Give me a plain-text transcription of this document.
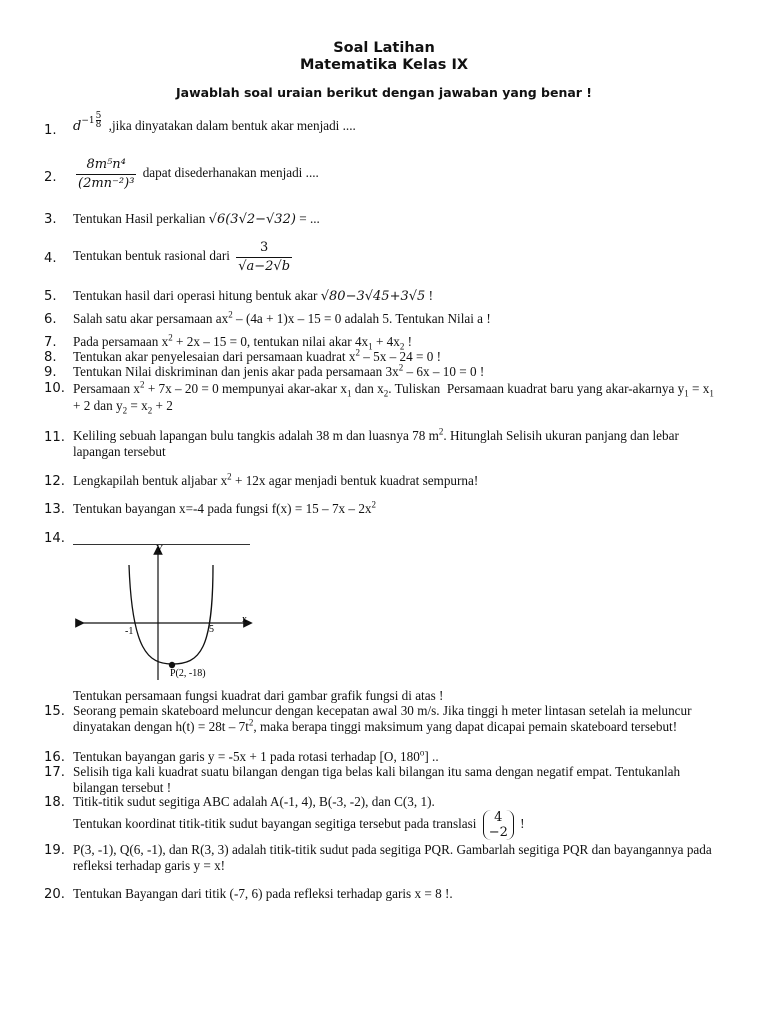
Soal Latihan
Matematika Kelas IX
Jawablah soal uraian berikut dengan jawaban yang benar !
1.	$d-1 \frac{5}{8}$ ,jika dinyatakan dalam bentuk akar menjadi ....
2.	$\frac{\text{8m⁵n⁴}}{\text{(2mn⁻²)³}}$ dapat disederhanakan menjadi ....
3.	Tentukan Hasil perkalian √6(3√2−√32) = ...
4.	Tentukan bentuk rasional dari $\frac{3}{√a-2√b}$
5.	Tentukan hasil dari operasi hitung bentuk akar √80−3√45+3√5 !
6.	Salah satu akar persamaan $ax^2 - (4a + 1)x - 15 = 0$ adalah 5. Tentukan Nilai a !
7.	Pada persamaan $x^2 + 2x - 15 = 0$, tentukan nilai akar $4x_1 + 4x_2$ !
8.	Tentukan akar penyelesaian dari persamaan kuadrat $x^2 - 5x - 24 = 0$ !
9.	Tentukan Nilai diskriminan dan jenis akar pada persamaan $3x^2 - 6x - 10 = 0$ !
10. Persamaan $x^2 + 7x - 20 = 0$ mempunyai akar-akar $x_1$ dan $x_2$. Tuliskan  Persamaan kuadrat baru yang akar-akarnya $y_1 = x_1 + 2$ dan $y_2 = x_2 + 2$
11. Keliling sebuah lapangan bulu tangkis adalah 38 m dan luasnya 78 $m^2$. Hitunglah Selisih ukuran panjang dan lebar lapangan tersebut
12. Lengkapilah bentuk aljabar $x^2 + 12x$ agar menjadi bentuk kuadrat sempurna!
13. Tentukan bayangan x=-4 pada fungsi $f(x) = 15 - 7x - 2x^2$
14.
Y
x
-1	5
P(2, -18)
Tentukan persamaan fungsi kuadrat dari gambar grafik fungsi di atas !
15. Seorang pemain skateboard meluncur dengan kecepatan awal 30 m/s. Jika tinggi h meter lintasan setelah ia meluncur dinyatakan dengan $h(t) = 28t - 7t^2$, maka berapa tinggi maksimum yang dapat dicapai pemain skateboard tersebut!
16. Tentukan bayangan garis y = -5x + 1 pada rotasi terhadap [O, 180$^o$] ..
17. Selisih tiga kali kuadrat suatu bilangan dengan tiga belas kali bilangan itu sama dengan negatif empat. Tentukanlah bilangan tersebut !
18. Titik-titik sudut segitiga ABC adalah A(-1, 4), B(-3, -2), dan C(3, 1).
Tentukan koordinat titik-titik sudut bayangan segitiga tersebut pada translasi	4
−2
!
19. P(3, -1), Q(6, -1), dan R(3, 3) adalah titik-titik sudut pada segitiga PQR. Gambarlah segitiga PQR dan bayangannya pada refleksi terhadap garis y = x!
20. Tentukan Bayangan dari titik (-7, 6) pada refleksi terhadap garis x = 8 !.
